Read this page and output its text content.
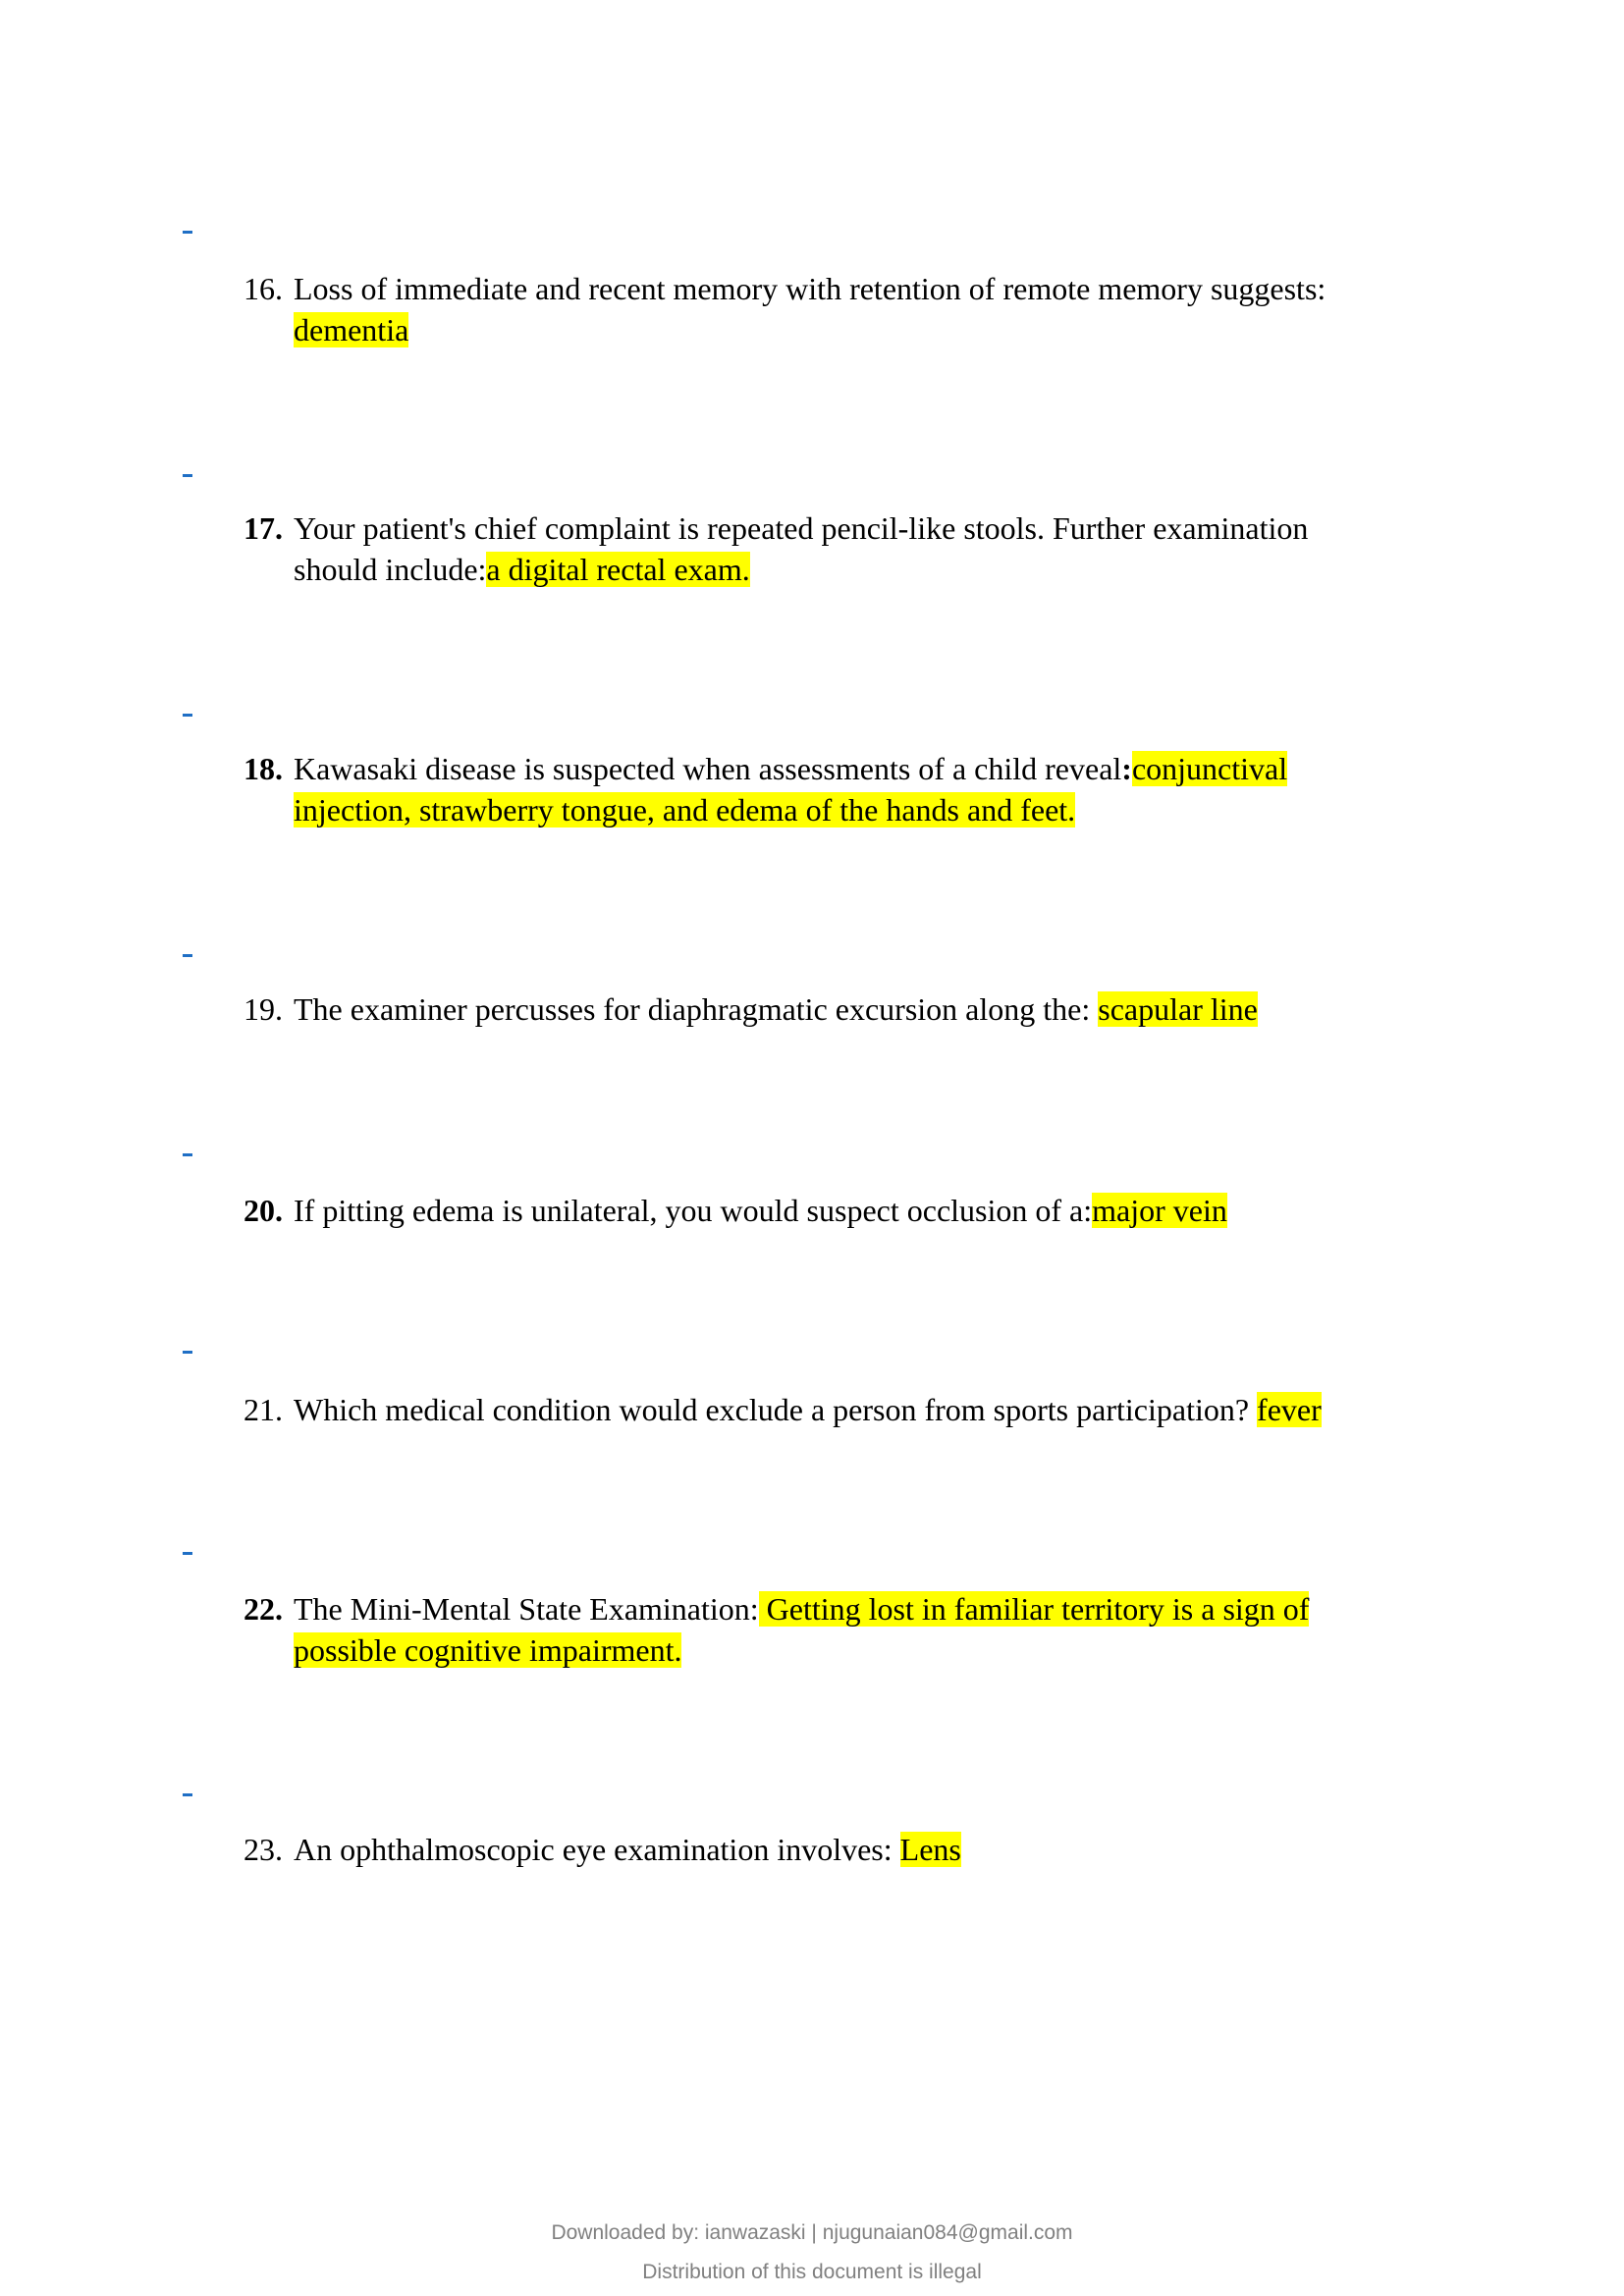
16. Loss of immediate and recent memory with retention of remote memory suggests:
dementia
17. Your patient's chief complaint is repeated pencil-like stools. Further examination
should include:a digital rectal exam.
18. Kawasaki disease is suspected when assessments of a child reveal:conjunctival
injection, strawberry tongue, and edema of the hands and feet.
19. The examiner percusses for diaphragmatic excursion along the: scapular line
20. If pitting edema is unilateral, you would suspect occlusion of a:major vein
21. Which medical condition would exclude a person from sports participation? fever
22. The Mini-Mental State Examination: Getting lost in familiar territory is a sign of
possible cognitive impairment.
23. An ophthalmoscopic eye examination involves: Lens
Downloaded by: ianwazaski | njugunaian084@gmail.com
Distribution of this document is illegal
